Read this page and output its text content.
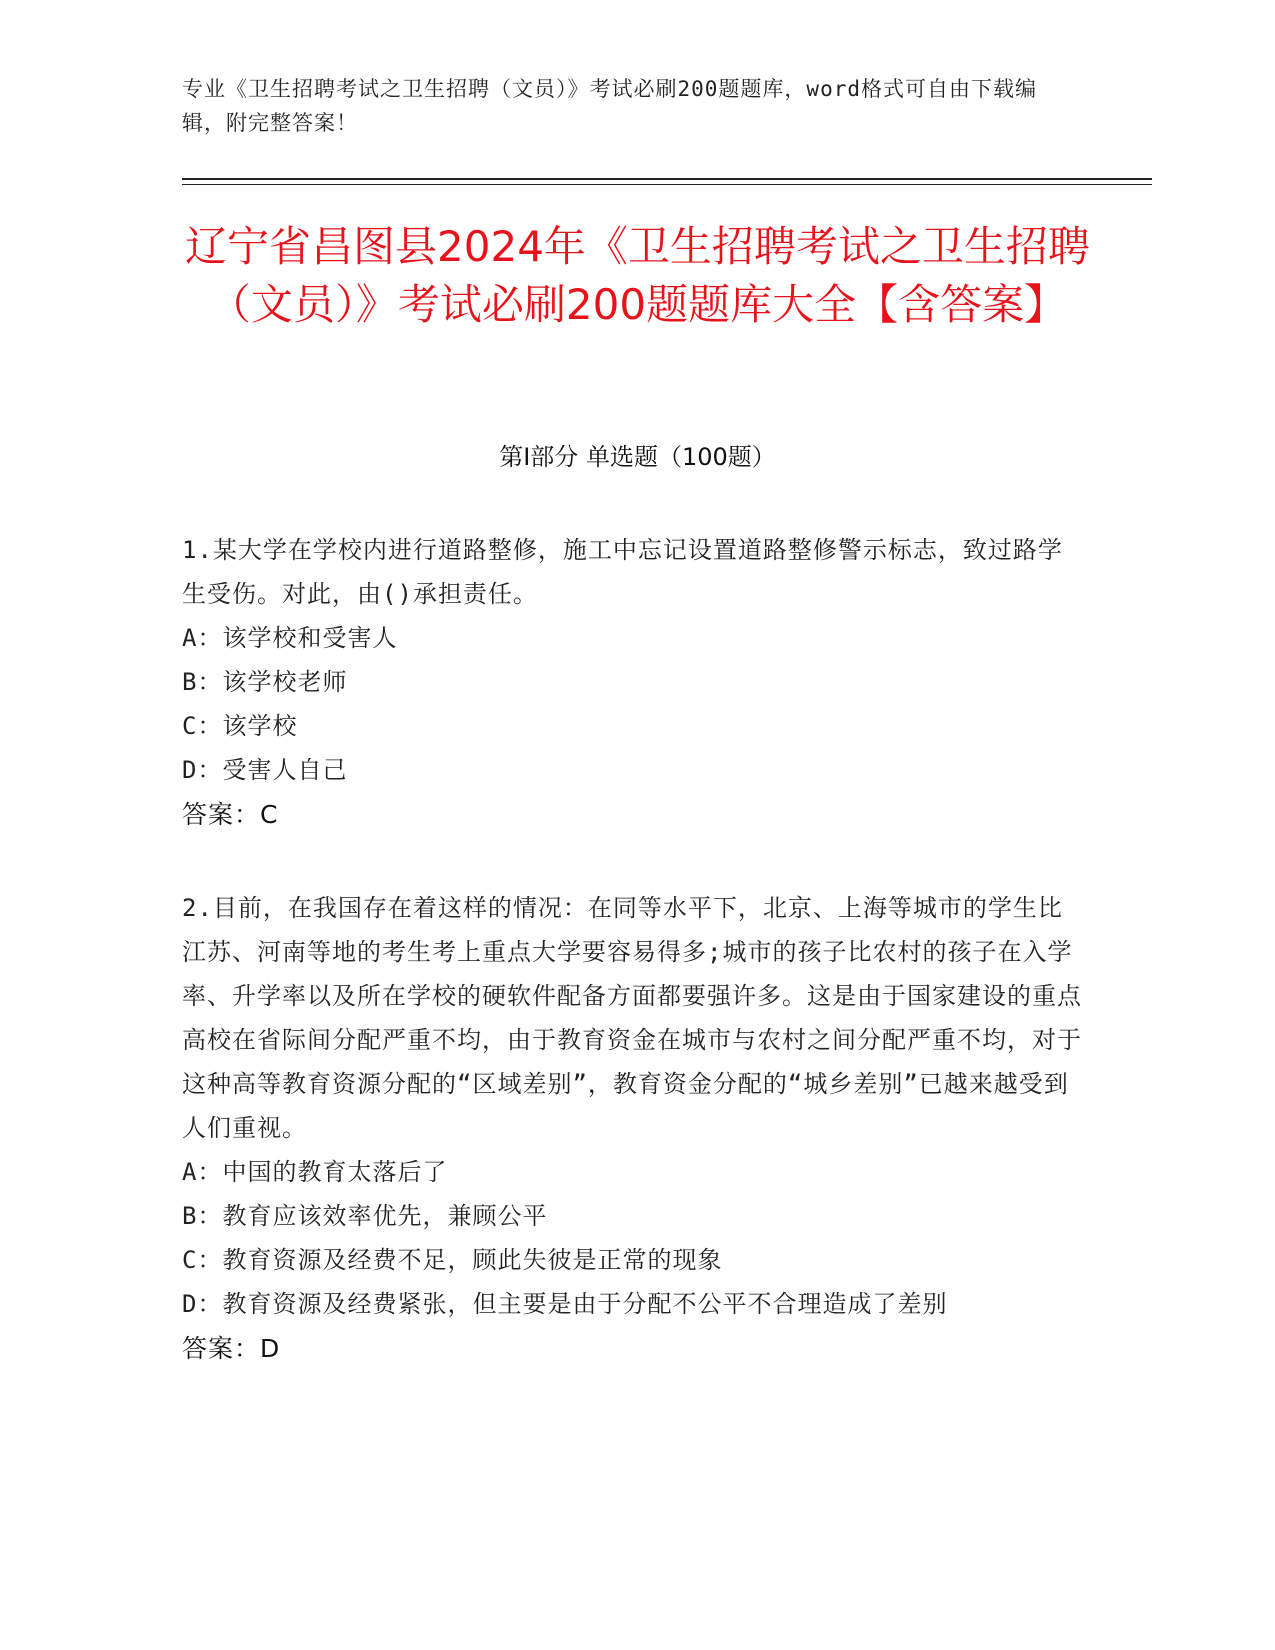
专业《卫生招聘考试之卫生招聘（文员）》考试必刷200题题库，word格式可自由下载编辑，附完整答案！
辽宁省昌图县2024年《卫生招聘考试之卫生招聘（文员）》考试必刷200题题库大全【含答案】
第Ⅰ部分 单选题（100题）
1.某大学在学校内进行道路整修，施工中忘记设置道路整修警示标志，致过路学生受伤。对此，由()承担责任。
A：该学校和受害人
B：该学校老师
C：该学校
D：受害人自己
答案：C
2.目前，在我国存在着这样的情况：在同等水平下，北京、上海等城市的学生比江苏、河南等地的考生考上重点大学要容易得多;城市的孩子比农村的孩子在入学率、升学率以及所在学校的硬软件配备方面都要强许多。这是由于国家建设的重点高校在省际间分配严重不均，由于教育资金在城市与农村之间分配严重不均，对于这种高等教育资源分配的“区域差别”，教育资金分配的“城乡差别”已越来越受到人们重视。
A：中国的教育太落后了
B：教育应该效率优先，兼顾公平
C：教育资源及经费不足，顾此失彼是正常的现象
D：教育资源及经费紧张，但主要是由于分配不公平不合理造成了差别
答案：D
